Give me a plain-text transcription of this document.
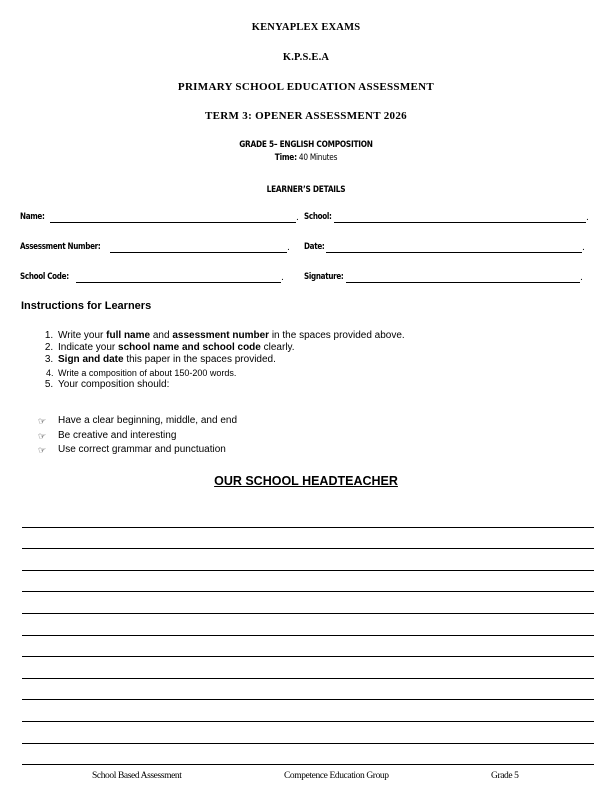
KENYAPLEX EXAMS
K.P.S.E.A
PRIMARY SCHOOL EDUCATION ASSESSMENT
TERM 3: OPENER ASSESSMENT 2026
GRADE 5– ENGLISH COMPOSITION
Time: 40 Minutes
LEARNER’S DETAILS
Name:	. School:	.
Assessment Number:	. Date:	.
School Code:	. Signature:	.
Instructions for Learners
1. Write your full name and assessment number in the spaces provided above.
2. Indicate your school name and school code clearly.
3. Sign and date this paper in the spaces provided.
4. Write a composition of about 150-200 words.
5. Your composition should:
☞ Have a clear beginning, middle, and end
☞ Be creative and interesting
☞ Use correct grammar and punctuation
OUR SCHOOL HEADTEACHER
School Based Assessment	Competence Education Group	Grade 5
